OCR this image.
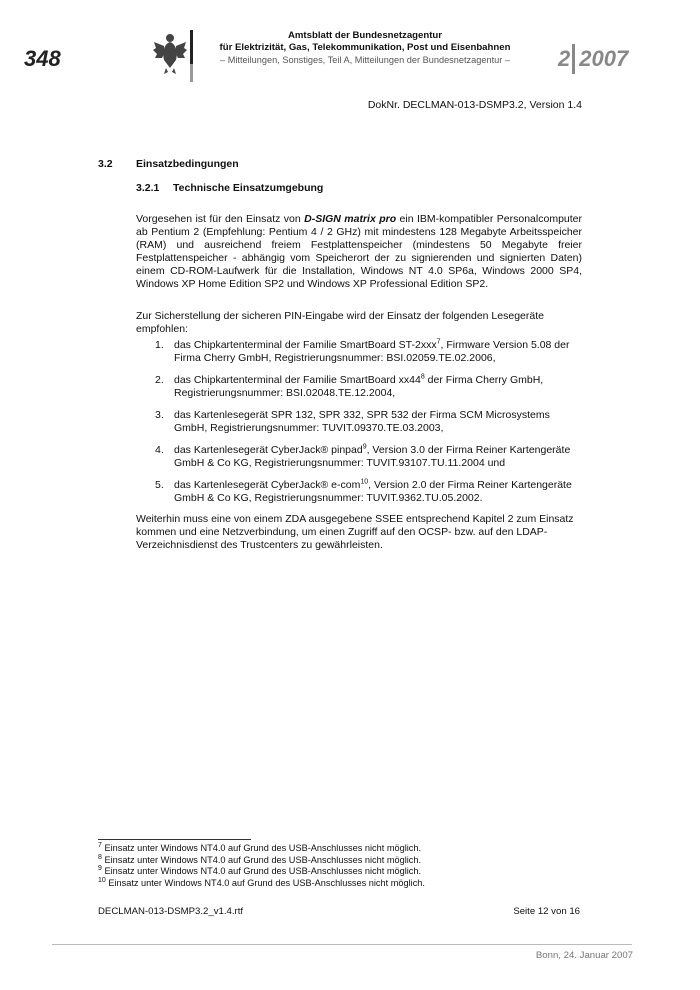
348
Amtsblatt der Bundesnetzagentur
für Elektrizität, Gas, Telekommunikation, Post und Eisenbahnen
– Mitteilungen, Sonstiges, Teil A, Mitteilungen der Bundesnetzagentur –	2 2007
DokNr. DECLMAN-013-DSMP3.2, Version 1.4
3.2 Einsatzbedingungen
3.2.1 Technische Einsatzumgebung
Vorgesehen ist für den Einsatz von D-SIGN matrix pro ein IBM-kompatibler Personalcomputer ab Pentium 2 (Empfehlung: Pentium 4 / 2 GHz) mit mindestens 128 Megabyte Arbeitsspeicher (RAM) und ausreichend freiem Festplattenspeicher (mindestens 50 Megabyte freier Festplattenspeicher - abhängig vom Speicherort der zu signierenden und signierten Daten) einem CD-ROM-Laufwerk für die Installation, Windows NT 4.0 SP6a, Windows 2000 SP4, Windows XP Home Edition SP2 und Windows XP Professional Edition SP2.
Zur Sicherstellung der sicheren PIN-Eingabe wird der Einsatz der folgenden Lesegeräte empfohlen:
1. das Chipkartenterminal der Familie SmartBoard ST-2xxx$^7$, Firmware Version 5.08 der Firma Cherry GmbH, Registrierungsnummer: BSI.02059.TE.02.2006,
2. das Chipkartenterminal der Familie SmartBoard $xx44^8$ der Firma Cherry GmbH, Registrierungsnummer: BSI.02048.TE.12.2004,
3. das Kartenlesegerät SPR 132, SPR 332, SPR 532 der Firma SCM Microsystems GmbH, Registrierungsnummer: TUVIT.09370.TE.03.2003,
4. das Kartenlesegerät CyberJack® pinpad$^9$, Version 3.0 der Firma Reiner Kartengeräte GmbH & Co KG, Registrierungsnummer: TUVIT.93107.TU.11.2004 und
5. das Kartenlesegerät CyberJack® e-com$^{10}$, Version 2.0 der Firma Reiner Kartengeräte GmbH & Co KG, Registrierungsnummer: TUVIT.9362.TU.05.2002.
Weiterhin muss eine von einem ZDA ausgegebene SSEE entsprechend Kapitel 2 zum Einsatz kommen und eine Netzverbindung, um einen Zugriff auf den OCSP- bzw. auf den LDAP-Verzeichnisdienst des Trustcenters zu gewährleisten.
$^7$ Einsatz unter Windows NT4.0 auf Grund des USB-Anschlusses nicht möglich.
$^8$ Einsatz unter Windows NT4.0 auf Grund des USB-Anschlusses nicht möglich.
$^9$ Einsatz unter Windows NT4.0 auf Grund des USB-Anschlusses nicht möglich.
$^{10}$ Einsatz unter Windows NT4.0 auf Grund des USB-Anschlusses nicht möglich.
DECLMAN-013-DSMP3.2_v1.4.rtf	Seite 12 von 16
Bonn, 24. Januar 2007
